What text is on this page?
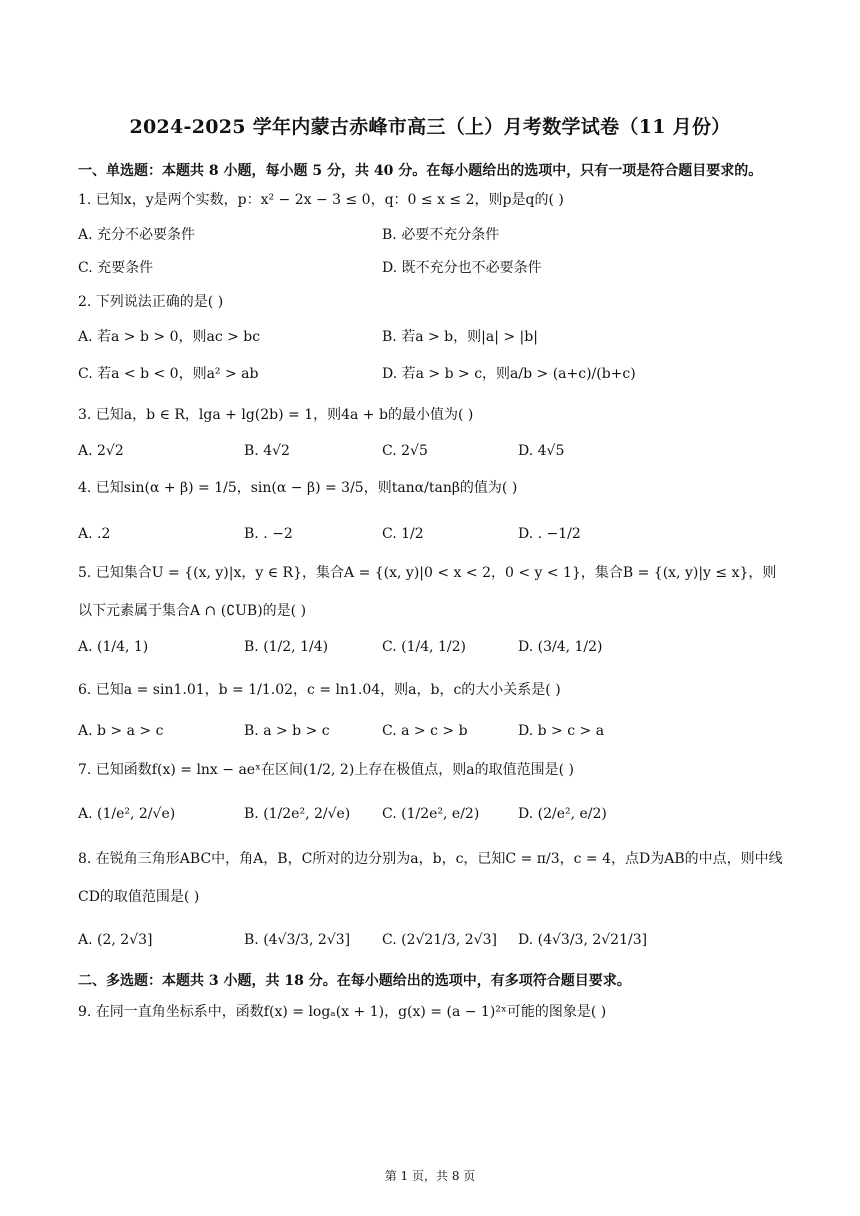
2024-2025 学年内蒙古赤峰市高三（上）月考数学试卷（11 月份）
一、单选题：本题共 8 小题，每小题 5 分，共 40 分。在每小题给出的选项中，只有一项是符合题目要求的。
1. 已知x，y是两个实数，p：x² − 2x − 3 ≤ 0，q：0 ≤ x ≤ 2，则p是q的( )
A. 充分不必要条件	B. 必要不充分条件
C. 充要条件	D. 既不充分也不必要条件
2. 下列说法正确的是( )
A. 若a > b > 0，则ac > bc	B. 若a > b，则|a| > |b|
C. 若a < b < 0，则a² > ab	D. 若a > b > c，则a/b > (a+c)/(b+c)
3. 已知a，b ∈ R，lga + lg(2b) = 1，则4a + b的最小值为( )
A. 2√2	B. 4√2	C. 2√5	D. 4√5
4. 已知sin(α + β) = 1/5，sin(α − β) = 3/5，则tanα/tanβ的值为( )
A. .2	B. . −2	C. 1/2	D. . −1/2
5. 已知集合U = {(x, y)|x，y ∈ R}，集合A = {(x, y)|0 < x < 2，0 < y < 1}，集合B = {(x, y)|y ≤ x}，则以下元素属于集合A ∩ (∁UB)的是( )
A. (1/4, 1)	B. (1/2, 1/4)	C. (1/4, 1/2)	D. (3/4, 1/2)
6. 已知a = sin1.01，b = 1/1.02，c = ln1.04，则a，b，c的大小关系是( )
A. b > a > c	B. a > b > c	C. a > c > b	D. b > c > a
7. 已知函数f(x) = lnx − aeˣ在区间(1/2, 2)上存在极值点，则a的取值范围是( )
A. (1/e², 2/√e)	B. (1/2e², 2/√e) C. (1/2e², e/2)	D. (2/e², e/2)
8. 在锐角三角形ABC中，角A，B，C所对的边分别为a，b，c，已知C = π/3，c = 4，点D为AB的中点，则中线CD的取值范围是( )
A. (2, 2√3]	B. (4√3/3, 2√3] C. (2√21/3, 2√3] D. (4√3/3, 2√21/3]
二、多选题：本题共 3 小题，共 18 分。在每小题给出的选项中，有多项符合题目要求。
9. 在同一直角坐标系中，函数f(x) = logₐ(x + 1)，g(x) = (a − 1)²ˣ可能的图象是( )
第 1 页，共 8 页
